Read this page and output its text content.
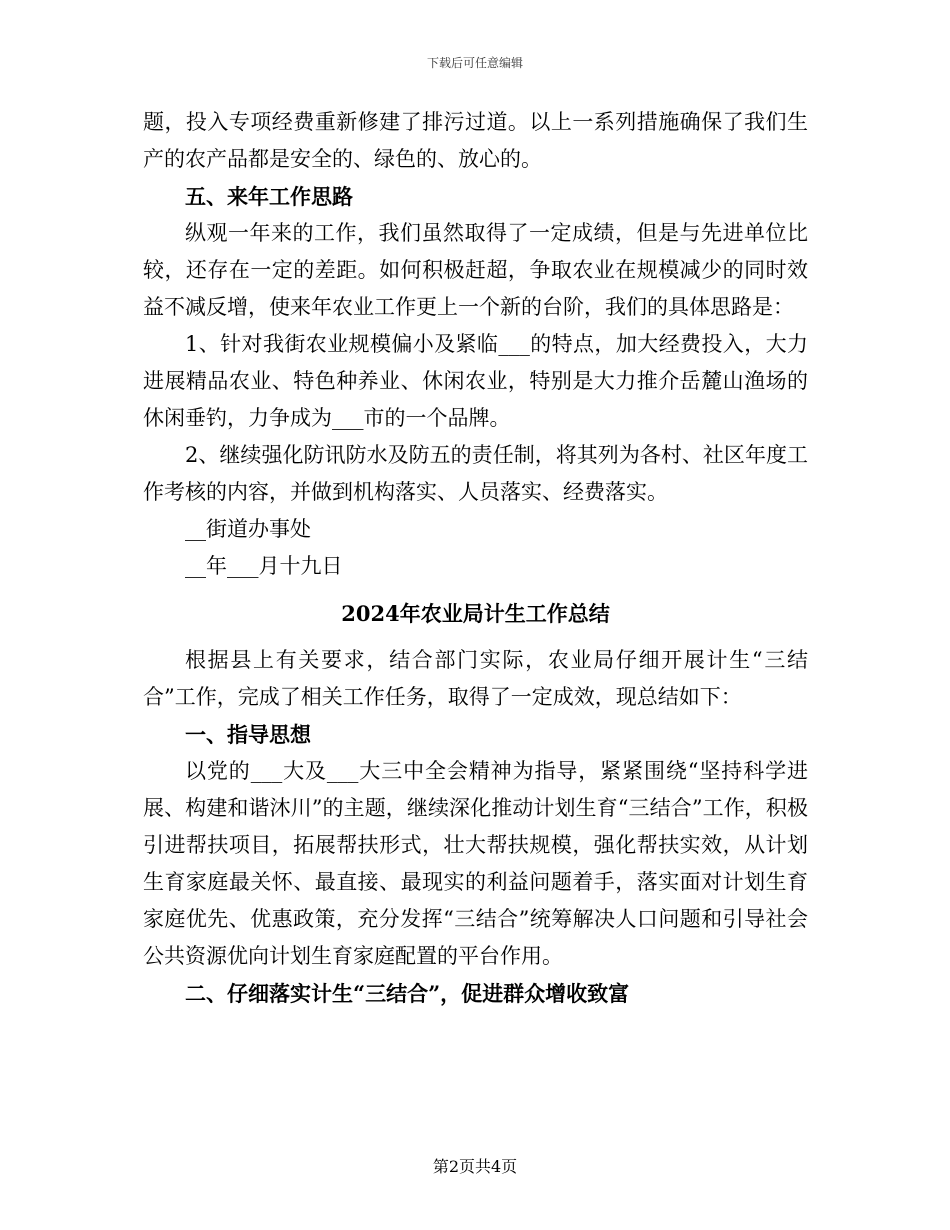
下载后可任意编辑

题，投入专项经费重新修建了排污过道。以上一系列措施确保了我们生产的农产品都是安全的、绿色的、放心的。

五、来年工作思路

纵观一年来的工作，我们虽然取得了一定成绩，但是与先进单位比较，还存在一定的差距。如何积极赶超，争取农业在规模减少的同时效益不减反增，使来年农业工作更上一个新的台阶，我们的具体思路是：

1、针对我街农业规模偏小及紧临___的特点，加大经费投入，大力进展精品农业、特色种养业、休闲农业，特别是大力推介岳麓山渔场的休闲垂钓，力争成为___市的一个品牌。

2、继续强化防讯防水及防五的责任制，将其列为各村、社区年度工作考核的内容，并做到机构落实、人员落实、经费落实。

__街道办事处

__年___月十九日

2024年农业局计生工作总结

根据县上有关要求，结合部门实际，农业局仔细开展计生“三结合”工作，完成了相关工作任务，取得了一定成效，现总结如下：

一、指导思想

以党的___大及___大三中全会精神为指导，紧紧围绕“坚持科学进展、构建和谐沐川”的主题，继续深化推动计划生育“三结合”工作，积极引进帮扶项目，拓展帮扶形式，壮大帮扶规模，强化帮扶实效，从计划生育家庭最关怀、最直接、最现实的利益问题着手，落实面对计划生育家庭优先、优惠政策，充分发挥“三结合”统筹解决人口问题和引导社会公共资源优向计划生育家庭配置的平台作用。

二、仔细落实计生“三结合”，促进群众增收致富

第2页共4页
